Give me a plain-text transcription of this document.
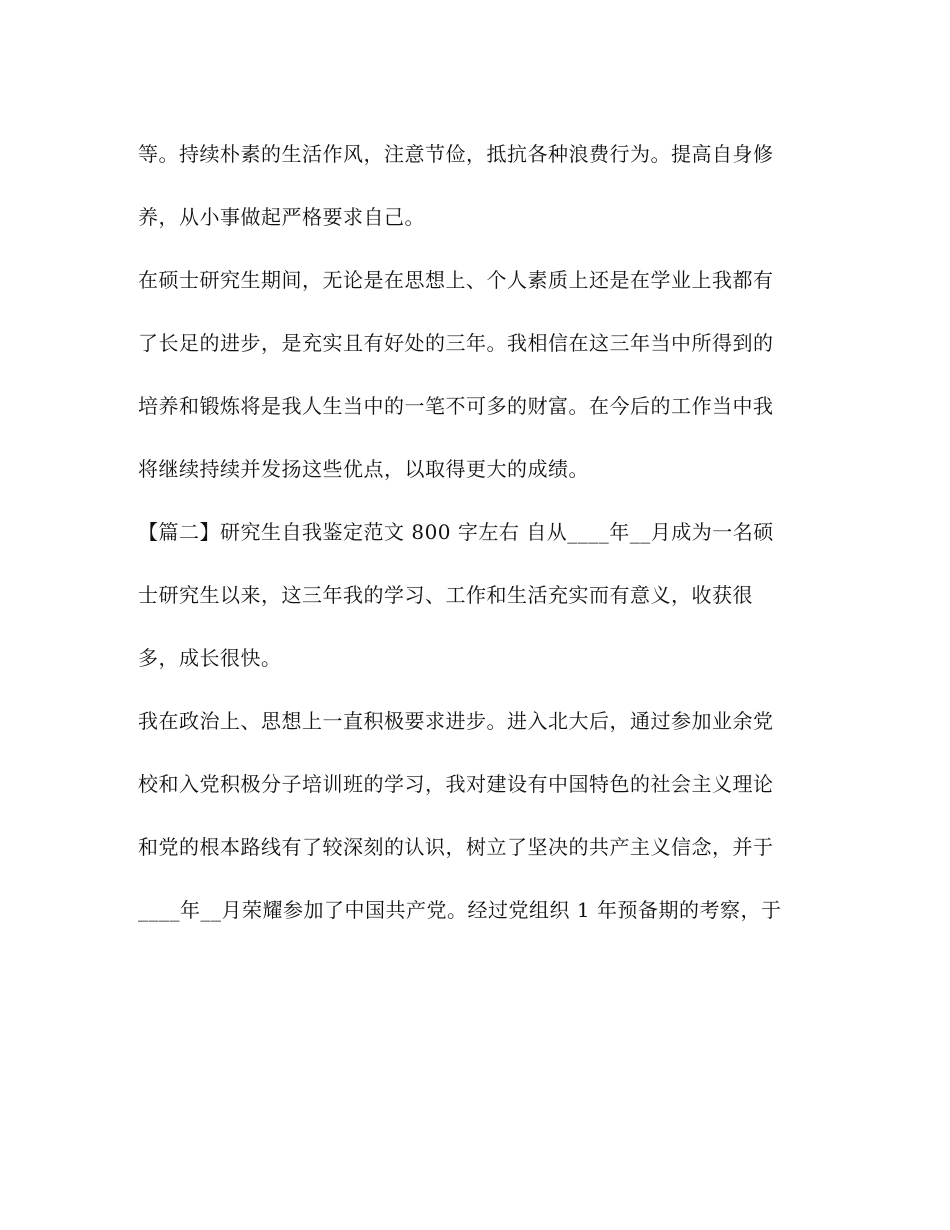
等。持续朴素的生活作风，注意节俭，抵抗各种浪费行为。提高自身修
养，从小事做起严格要求自己。
在硕士研究生期间，无论是在思想上、个人素质上还是在学业上我都有
了长足的进步，是充实且有好处的三年。我相信在这三年当中所得到的
培养和锻炼将是我人生当中的一笔不可多的财富。在今后的工作当中我
将继续持续并发扬这些优点，以取得更大的成绩。
【篇二】研究生自我鉴定范文 800 字左右 自从____年__月成为一名硕
士研究生以来，这三年我的学习、工作和生活充实而有意义，收获很
多，成长很快。
我在政治上、思想上一直积极要求进步。进入北大后，通过参加业余党
校和入党积极分子培训班的学习，我对建设有中国特色的社会主义理论
和党的根本路线有了较深刻的认识，树立了坚决的共产主义信念，并于
____年__月荣耀参加了中国共产党。经过党组织 1 年预备期的考察，于
